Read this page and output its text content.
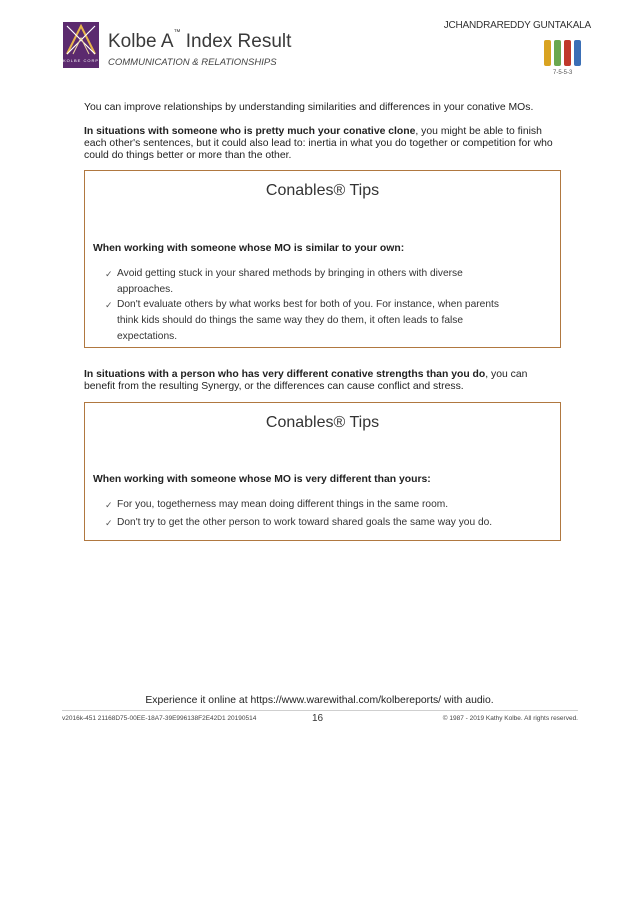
KOLBE CORP
Kolbe A™ Index Result
COMMUNICATION & RELATIONSHIPS
JCHANDRAREDDY GUNTAKALA
7-5-5-3
You can improve relationships by understanding similarities and differences in your conative MOs.
In situations with someone who is pretty much your conative clone, you might be able to finish each other's sentences, but it could also lead to: inertia in what you do together or competition for who could do things better or more than the other.
Conables® Tips
When working with someone whose MO is similar to your own:
✓ Avoid getting stuck in your shared methods by bringing in others with diverse approaches.
✓ Don't evaluate others by what works best for both of you. For instance, when parents think kids should do things the same way they do them, it often leads to false expectations.
In situations with a person who has very different conative strengths than you do, you can benefit from the resulting Synergy, or the differences can cause conflict and stress.
Conables® Tips
When working with someone whose MO is very different than yours:
✓ For you, togetherness may mean doing different things in the same room.
✓ Don't try to get the other person to work toward shared goals the same way you do.
Experience it online at https://www.warewithal.com/kolbereports/ with audio.
v2016k-451 21168D75-00EE-18A7-39E996138F2E42D1 20190514	16	© 1987 - 2019 Kathy Kolbe. All rights reserved.
